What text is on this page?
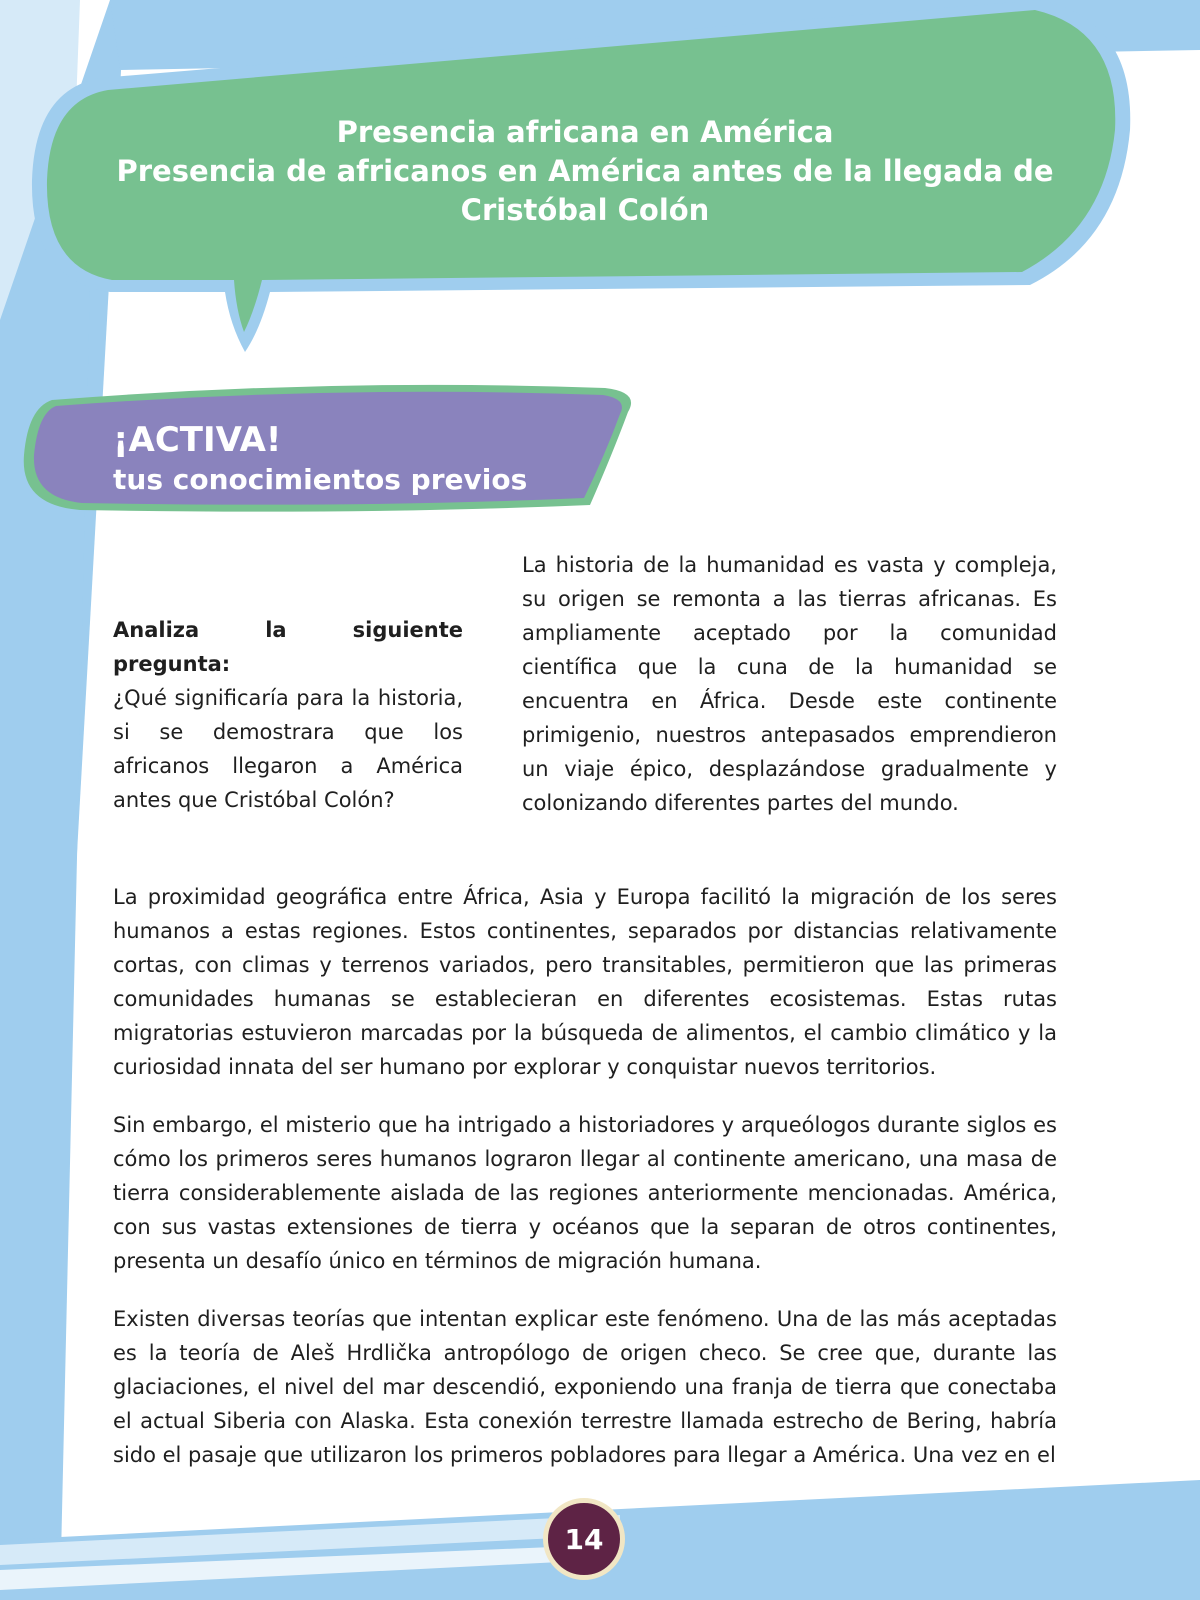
Presencia africana en América
Presencia de africanos en América antes de la llegada de
Cristóbal Colón
¡ACTIVA!
tus conocimientos previos
Analiza la siguiente pregunta:
¿Qué significaría para la historia, si se demostrara que los africanos llegaron a América antes que Cristóbal Colón?
La historia de la humanidad es vasta y compleja, su origen se remonta a las tierras africanas. Es ampliamente aceptado por la comunidad científica que la cuna de la humanidad se encuentra en África. Desde este continente primigenio, nuestros antepasados emprendieron un viaje épico, desplazándose gradualmente y colonizando diferentes partes del mundo.

La proximidad geográfica entre África, Asia y Europa facilitó la migración de los seres humanos a estas regiones. Estos continentes, separados por distancias relativamente cortas, con climas y terrenos variados, pero transitables, permitieron que las primeras comunidades humanas se establecieran en diferentes ecosistemas. Estas rutas migratorias estuvieron marcadas por la búsqueda de alimentos, el cambio climático y la curiosidad innata del ser humano por explorar y conquistar nuevos territorios.

Sin embargo, el misterio que ha intrigado a historiadores y arqueólogos durante siglos es cómo los primeros seres humanos lograron llegar al continente americano, una masa de tierra considerablemente aislada de las regiones anteriormente mencionadas. América, con sus vastas extensiones de tierra y océanos que la separan de otros continentes, presenta un desafío único en términos de migración humana.

Existen diversas teorías que intentan explicar este fenómeno. Una de las más aceptadas es la teoría de Aleš Hrdlička antropólogo de origen checo. Se cree que, durante las glaciaciones, el nivel del mar descendió, exponiendo una franja de tierra que conectaba el actual Siberia con Alaska. Esta conexión terrestre llamada estrecho de Bering, habría sido el pasaje que utilizaron los primeros pobladores para llegar a América. Una vez en el

14
